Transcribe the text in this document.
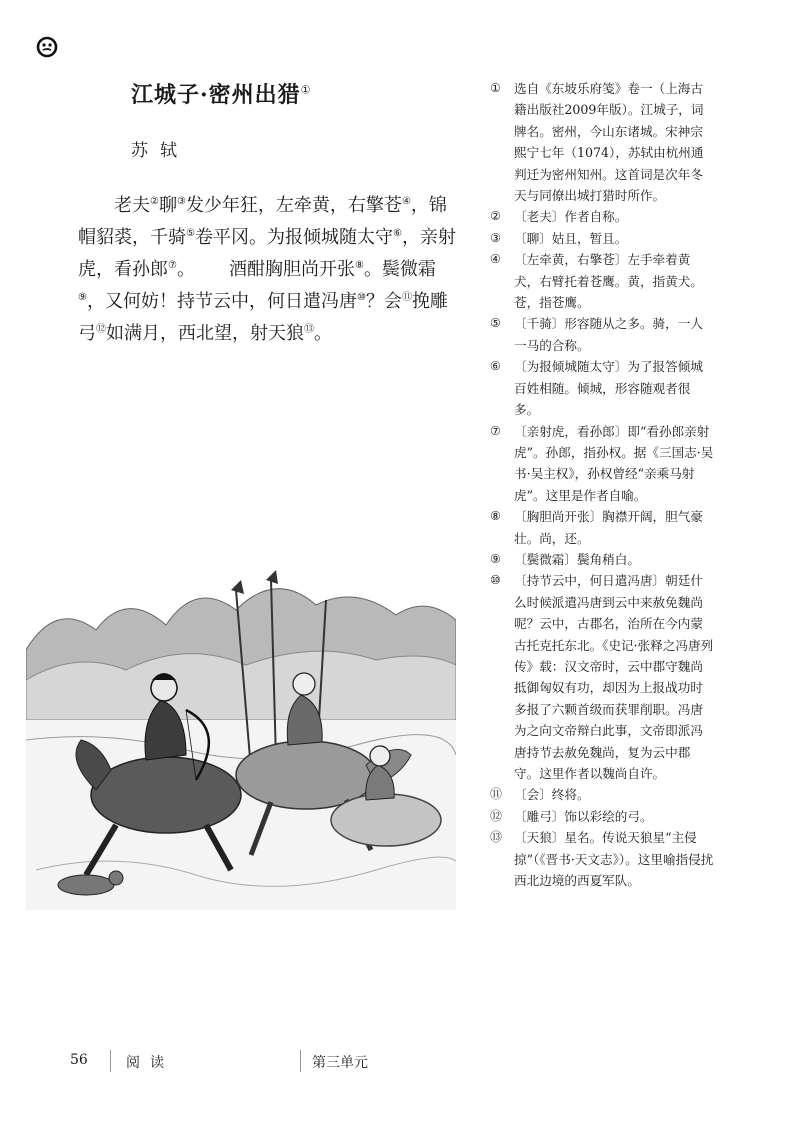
江城子·密州出猎①
苏轼
老夫②聊③发少年狂，左牵黄，右擎苍④，锦帽貂裘，千骑⑤卷平冈。为报倾城随太守⑥，亲射虎，看孙郎⑦。 酒酣胸胆尚开张⑧。鬓微霜⑨，又何妨！持节云中，何日遣冯唐⑩？会⑪挽雕弓⑫如满月，西北望，射天狼⑬。
①	选自《东坡乐府笺》卷一（上海古籍出版社2009年版）。江城子，词牌名。密州，今山东诸城。宋神宗熙宁七年（1074），苏轼由杭州通判迁为密州知州。这首词是次年冬天与同僚出城打猎时所作。
②	〔老夫〕作者自称。
③	〔聊〕姑且，暂且。
④	〔左牵黄，右擎苍〕左手牵着黄犬，右臂托着苍鹰。黄，指黄犬。苍，指苍鹰。
⑤	〔千骑〕形容随从之多。骑，一人一马的合称。
⑥	〔为报倾城随太守〕为了报答倾城百姓相随。倾城，形容随观者很多。
⑦	〔亲射虎，看孙郎〕即“看孙郎亲射虎”。孙郎，指孙权。据《三国志·吴书·吴主权》，孙权曾经“亲乘马射虎”。这里是作者自喻。
⑧	〔胸胆尚开张〕胸襟开阔，胆气豪壮。尚，还。
⑨	〔鬓微霜〕鬓角稍白。
⑩	〔持节云中，何日遣冯唐〕朝廷什么时候派遣冯唐到云中来赦免魏尚呢？云中，古郡名，治所在今内蒙古托克托东北。《史记·张释之冯唐列传》载：汉文帝时，云中郡守魏尚抵御匈奴有功，却因为上报战功时多报了六颗首级而获罪削职。冯唐为之向文帝辩白此事，文帝即派冯唐持节去赦免魏尚，复为云中郡守。这里作者以魏尚自许。
⑪ 〔会〕终将。
⑫ 〔雕弓〕饰以彩绘的弓。
⑬ 〔天狼〕星名。传说天狼星“主侵掠”（《晋书·天文志》）。这里喻指侵扰西北边境的西夏军队。
56	阅读	第三单元
